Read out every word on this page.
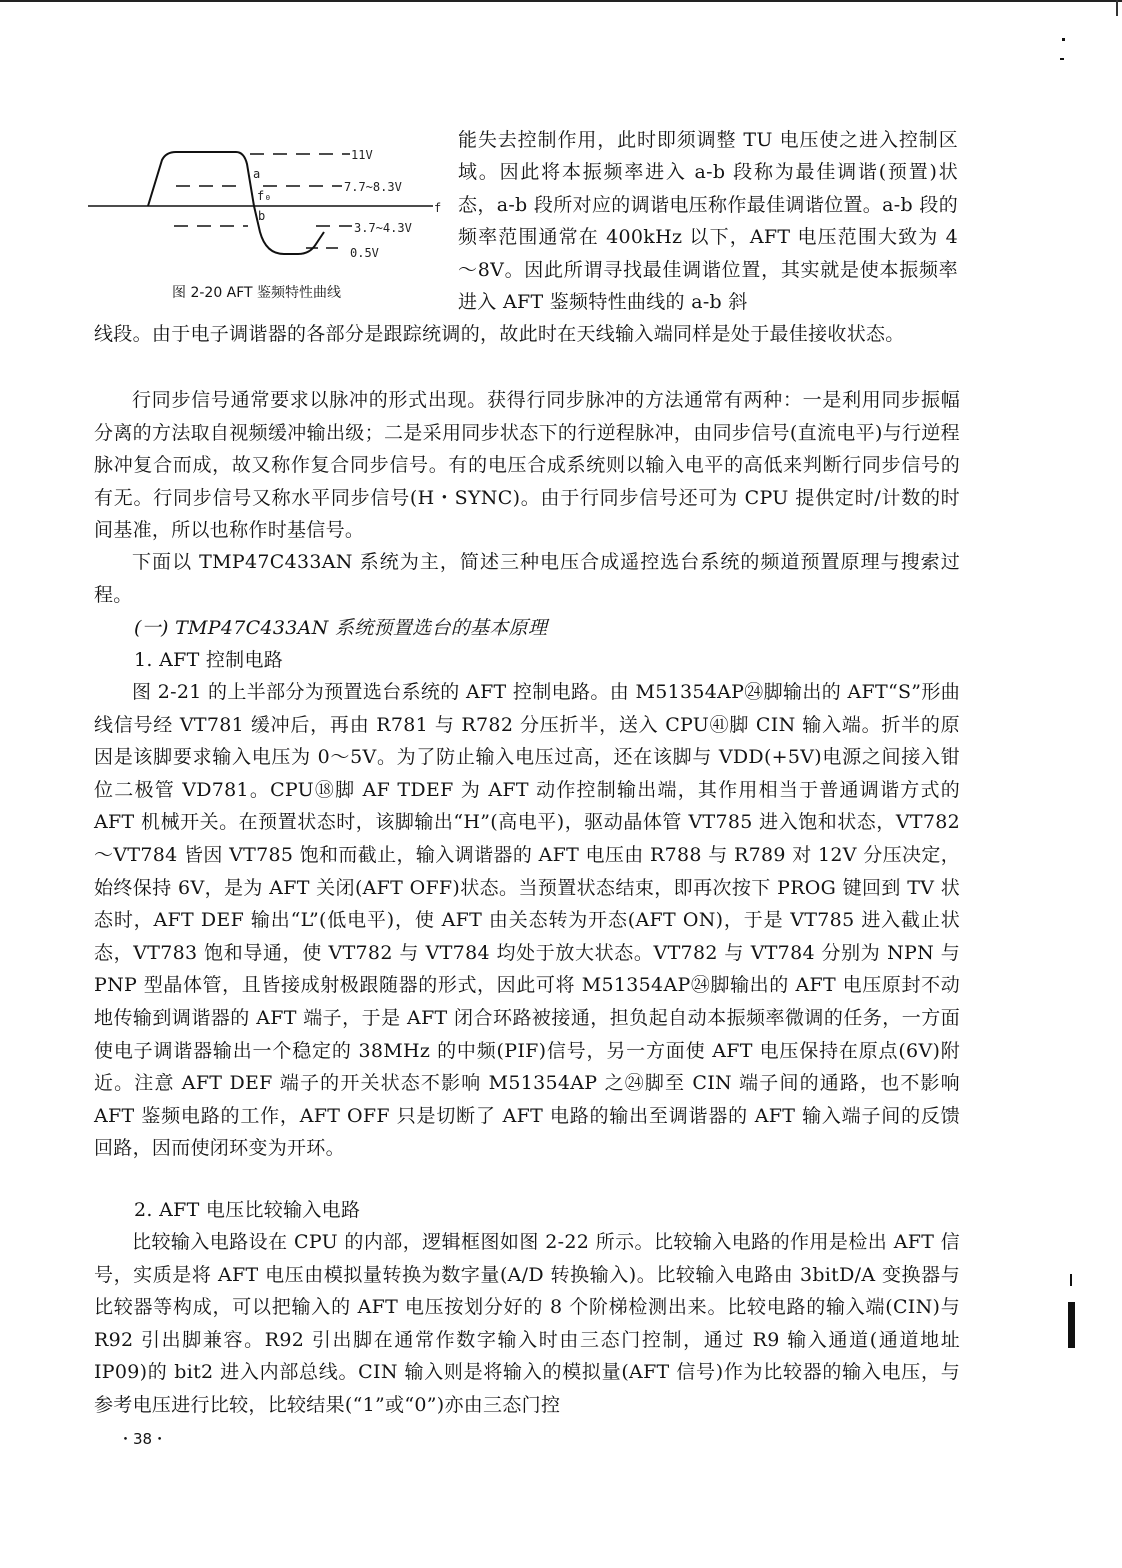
11V
7.7~8.3V
3.7~4.3V
0.5V
a
f₀
b
f
图 2-20 AFT 鉴频特性曲线
能失去控制作用，此时即须调整 TU 电压使之进入控制区域。因此将本振频率进入 a-b 段称为最佳调谐(预置)状态，a-b 段所对应的调谐电压称作最佳调谐位置。a-b 段的频率范围通常在 400kHz 以下，AFT 电压范围大致为 4～8V。因此所谓寻找最佳调谐位置，其实就是使本振频率进入 AFT 鉴频特性曲线的 a-b 斜
线段。由于电子调谐器的各部分是跟踪统调的，故此时在天线输入端同样是处于最佳接收状态。
行同步信号通常要求以脉冲的形式出现。获得行同步脉冲的方法通常有两种：一是利用同步振幅分离的方法取自视频缓冲输出级；二是采用同步状态下的行逆程脉冲，由同步信号(直流电平)与行逆程脉冲复合而成，故又称作复合同步信号。有的电压合成系统则以输入电平的高低来判断行同步信号的有无。行同步信号又称水平同步信号(H・SYNC)。由于行同步信号还可为 CPU 提供定时/计数的时间基准，所以也称作时基信号。
下面以 TMP47C433AN 系统为主，简述三种电压合成遥控选台系统的频道预置原理与搜索过程。
(一) TMP47C433AN 系统预置选台的基本原理
1. AFT 控制电路
图 2-21 的上半部分为预置选台系统的 AFT 控制电路。由 M51354AP㉔脚输出的 AFT“S”形曲线信号经 VT781 缓冲后，再由 R781 与 R782 分压折半，送入 CPU㊶脚 CIN 输入端。折半的原因是该脚要求输入电压为 0～5V。为了防止输入电压过高，还在该脚与 VDD(+5V)电源之间接入钳位二极管 VD781。CPU⑱脚 AF TDEF 为 AFT 动作控制输出端，其作用相当于普通调谐方式的 AFT 机械开关。在预置状态时，该脚输出“H”(高电平)，驱动晶体管 VT785 进入饱和状态，VT782～VT784 皆因 VT785 饱和而截止，输入调谐器的 AFT 电压由 R788 与 R789 对 12V 分压决定，始终保持 6V，是为 AFT 关闭(AFT OFF)状态。当预置状态结束，即再次按下 PROG 键回到 TV 状态时，AFT DEF 输出“L”(低电平)，使 AFT 由关态转为开态(AFT ON)，于是 VT785 进入截止状态，VT783 饱和导通，使 VT782 与 VT784 均处于放大状态。VT782 与 VT784 分别为 NPN 与 PNP 型晶体管，且皆接成射极跟随器的形式，因此可将 M51354AP㉔脚输出的 AFT 电压原封不动地传输到调谐器的 AFT 端子，于是 AFT 闭合环路被接通，担负起自动本振频率微调的任务，一方面使电子调谐器输出一个稳定的 38MHz 的中频(PIF)信号，另一方面使 AFT 电压保持在原点(6V)附近。注意 AFT DEF 端子的开关状态不影响 M51354AP 之㉔脚至 CIN 端子间的通路，也不影响 AFT 鉴频电路的工作，AFT OFF 只是切断了 AFT 电路的输出至调谐器的 AFT 输入端子间的反馈回路，因而使闭环变为开环。
2. AFT 电压比较输入电路
比较输入电路设在 CPU 的内部，逻辑框图如图 2-22 所示。比较输入电路的作用是检出 AFT 信号，实质是将 AFT 电压由模拟量转换为数字量(A/D 转换输入)。比较输入电路由 3bitD/A 变换器与比较器等构成，可以把输入的 AFT 电压按划分好的 8 个阶梯检测出来。比较电路的输入端(CIN)与 R92 引出脚兼容。R92 引出脚在通常作数字输入时由三态门控制，通过 R9 输入通道(通道地址 IP09)的 bit2 进入内部总线。CIN 输入则是将输入的模拟量(AFT 信号)作为比较器的输入电压，与参考电压进行比较，比较结果(“1”或“0”)亦由三态门控
・38・
